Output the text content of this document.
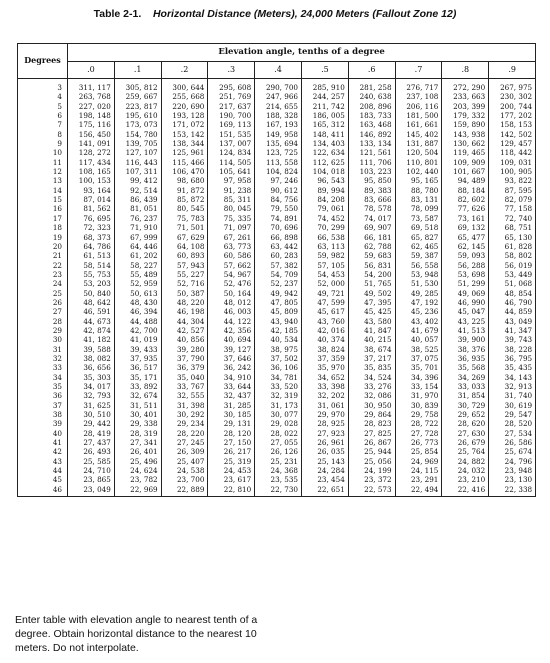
Table 2-1. Horizontal Distance (Meters), 24,000 Meters (Fallout Zone 12)
Degrees	Elevation angle, tenths of a degree									
	.0	.1	.2	.3	.4	.5	.6	.7	.8	.9
3	311, 117	305, 812	300, 644	295, 608	290, 700	285, 910	281, 258	276, 717	272, 290	267, 975
4	263, 768	259, 667	255, 668	251, 769	247, 966	244, 257	240, 638	237, 108	233, 663	230, 302
5	227, 020	223, 817	220, 690	217, 637	214, 655	211, 742	208, 896	206, 116	203, 399	200, 744
6	198, 148	195, 610	193, 128	190, 700	188, 328	186, 005	183, 733	181, 500	179, 332	177, 202
7	175, 116	173, 073	171, 072	169, 113	167, 193	165, 312	163, 468	161, 661	159, 890	158, 153
8	156, 450	154, 780	153, 142	151, 535	149, 958	148, 411	146, 892	145, 402	143, 938	142, 502
9	141, 091	139, 705	138, 344	137, 007	135, 694	134, 403	133, 134	131, 887	130, 662	129, 457
10	128, 272	127, 107	125, 961	124, 834	123, 725	122, 634	121, 561	120, 504	119, 465	118, 442
11	117, 434	116, 443	115, 466	114, 505	113, 558	112, 625	111, 706	110, 801	109, 909	109, 031
12	108, 165	107, 311	106, 470	105, 641	104, 824	104, 018	103, 223	102, 440	101, 667	100, 905
13	100, 153	99, 412	98, 680	97, 958	97, 246	96, 543	95, 850	95, 165	94, 489	93, 822
14	93, 164	92, 514	91, 872	91, 238	90, 612	89, 994	89, 383	88, 780	88, 184	87, 595
15	87, 014	86, 439	85, 872	85, 311	84, 756	84, 208	83, 666	83, 131	82, 602	82, 079
16	81, 562	81, 051	80, 545	80, 045	79, 550	79, 061	78, 578	78, 099	77, 626	77, 158
17	76, 695	76, 237	75, 783	75, 335	74, 891	74, 452	74, 017	73, 587	73, 161	72, 740
18	72, 323	71, 910	71, 501	71, 097	70, 696	70, 299	69, 907	69, 518	69, 132	68, 751
19	68, 373	67, 999	67, 629	67, 261	66, 898	66, 538	66, 181	65, 827	65, 477	65, 130
20	64, 786	64, 446	64, 108	63, 773	63, 442	63, 113	62, 788	62, 465	62, 145	61, 828
21	61, 513	61, 202	60, 893	60, 586	60, 283	59, 982	59, 683	59, 387	59, 093	58, 802
22	58, 514	58, 227	57, 943	57, 662	57, 382	57, 105	56, 831	56, 558	56, 288	56, 019
23	55, 753	55, 489	55, 227	54, 967	54, 709	54, 453	54, 200	53, 948	53, 698	53, 449
24	53, 203	52, 959	52, 716	52, 476	52, 237	52, 000	51, 765	51, 530	51, 299	51, 068
25	50, 840	50, 613	50, 387	50, 164	49, 942	49, 721	49, 502	49, 285	49, 069	48, 854
26	48, 642	48, 430	48, 220	48, 012	47, 805	47, 599	47, 395	47, 192	46, 990	46, 790
27	46, 591	46, 394	46, 198	46, 003	45, 809	45, 617	45, 425	45, 236	45, 047	44, 859
28	44, 673	44, 488	44, 304	44, 122	43, 940	43, 760	43, 580	43, 402	43, 225	43, 049
29	42, 874	42, 700	42, 527	42, 356	42, 185	42, 016	41, 847	41, 679	41, 513	41, 347
30	41, 182	41, 019	40, 856	40, 694	40, 534	40, 374	40, 215	40, 057	39, 900	39, 743
31	39, 588	39, 433	39, 280	39, 127	38, 975	38, 824	38, 674	38, 525	38, 376	38, 228
32	38, 082	37, 935	37, 790	37, 646	37, 502	37, 359	37, 217	37, 075	36, 935	36, 795
33	36, 656	36, 517	36, 379	36, 242	36, 106	35, 970	35, 835	35, 701	35, 568	35, 435
34	35, 303	35, 171	35, 040	34, 910	34, 781	34, 652	34, 524	34, 396	34, 269	34, 143
35	34, 017	33, 892	33, 767	33, 644	33, 520	33, 398	33, 276	33, 154	33, 033	32, 913
36	32, 793	32, 674	32, 555	32, 437	32, 319	32, 202	32, 086	31, 970	31, 854	31, 740
37	31, 625	31, 511	31, 398	31, 285	31, 173	31, 061	30, 950	30, 839	30, 729	30, 619
38	30, 510	30, 401	30, 292	30, 185	30, 077	29, 970	29, 864	29, 758	29, 652	29, 547
39	29, 442	29, 338	29, 234	29, 131	29, 028	28, 925	28, 823	28, 722	28, 620	28, 520
40	28, 419	28, 319	28, 220	28, 120	28, 022	27, 923	27, 825	27, 728	27, 630	27, 534
41	27, 437	27, 341	27, 245	27, 150	27, 055	26, 961	26, 867	26, 773	26, 679	26, 586
42	26, 493	26, 401	26, 309	26, 217	26, 126	26, 035	25, 944	25, 854	25, 764	25, 674
43	25, 585	25, 496	25, 407	25, 319	25, 231	25, 143	25, 056	24, 969	24, 882	24, 796
44	24, 710	24, 624	24, 538	24, 453	24, 368	24, 284	24, 199	24, 115	24, 032	23, 948
45	23, 865	23, 782	23, 700	23, 617	23, 535	23, 454	23, 372	23, 291	23, 210	23, 130
46	23, 049	22, 969	22, 889	22, 810	22, 730	22, 651	22, 573	22, 494	22, 416	22, 338
Enter table with elevation angle to nearest tenth of a
degree. Obtain horizontal distance to the nearest 10
meters. Do not interpolate.
